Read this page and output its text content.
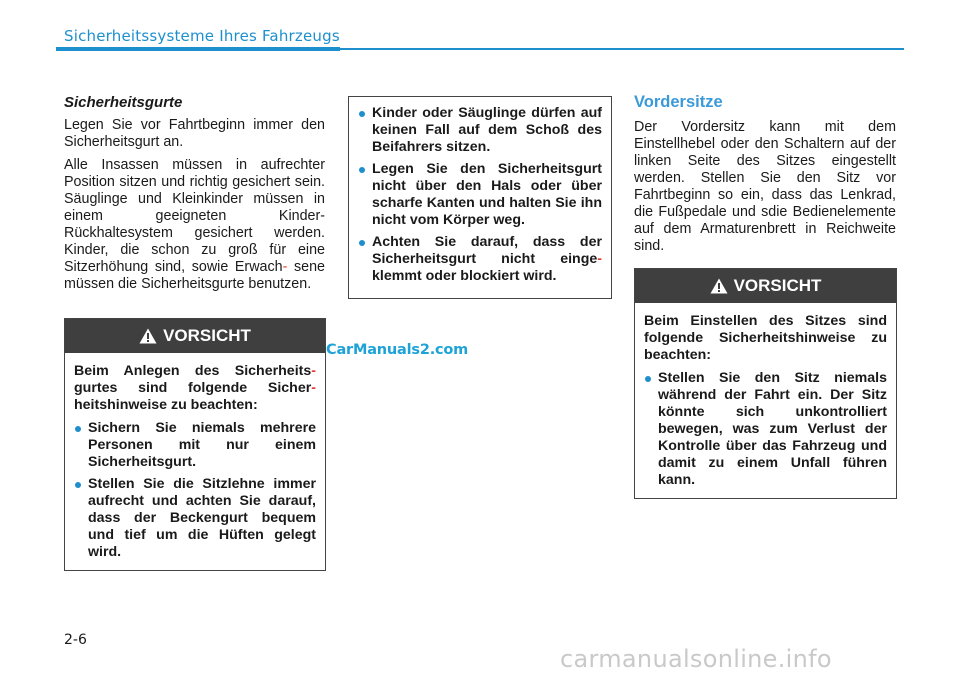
Sicherheitssysteme Ihres Fahrzeugs
Sicherheitsgurte

Legen Sie vor Fahrtbeginn immer den Sicherheitsgurt an.

Alle Insassen müssen in aufrechter Position sitzen und richtig gesichert sein. Säuglinge und Kleinkinder müssen in einem geeigneten Kinder-Rückhaltesystem gesichert werden. Kinder, die schon zu groß für eine Sitzerhöhung sind, sowie Erwach- sene müssen die Sicherheitsgurte benutzen.

VORSICHT

Beim Anlegen des Sicherheits- gurtes sind folgende Sicher- heitshinweise zu beachten:

Sichern Sie niemals mehrere Personen mit nur einem Sicherheitsgurt.
Stellen Sie die Sitzlehne immer aufrecht und achten Sie darauf, dass der Beckengurt bequem und tief um die Hüften gelegt wird.
Kinder oder Säuglinge dürfen auf keinen Fall auf dem Schoß des Beifahrers sitzen.
Legen Sie den Sicherheitsgurt nicht über den Hals oder über scharfe Kanten und halten Sie ihn nicht vom Körper weg.
Achten Sie darauf, dass der Sicherheitsgurt nicht einge- klemmt oder blockiert wird.
CarManuals2.com
Vordersitze

Der Vordersitz kann mit dem Einstellhebel oder den Schaltern auf der linken Seite des Sitzes eingestellt werden. Stellen Sie den Sitz vor Fahrtbeginn so ein, dass das Lenkrad, die Fußpedale und sdie Bedienelemente auf dem Armaturenbrett in Reichweite sind.

VORSICHT

Beim Einstellen des Sitzes sind folgende Sicherheitshinweise zu beachten:

Stellen Sie den Sitz niemals während der Fahrt ein. Der Sitz könnte sich unkontrolliert bewegen, was zum Verlust der Kontrolle über das Fahrzeug und damit zu einem Unfall führen kann.
2-6
carmanualsonline.info
